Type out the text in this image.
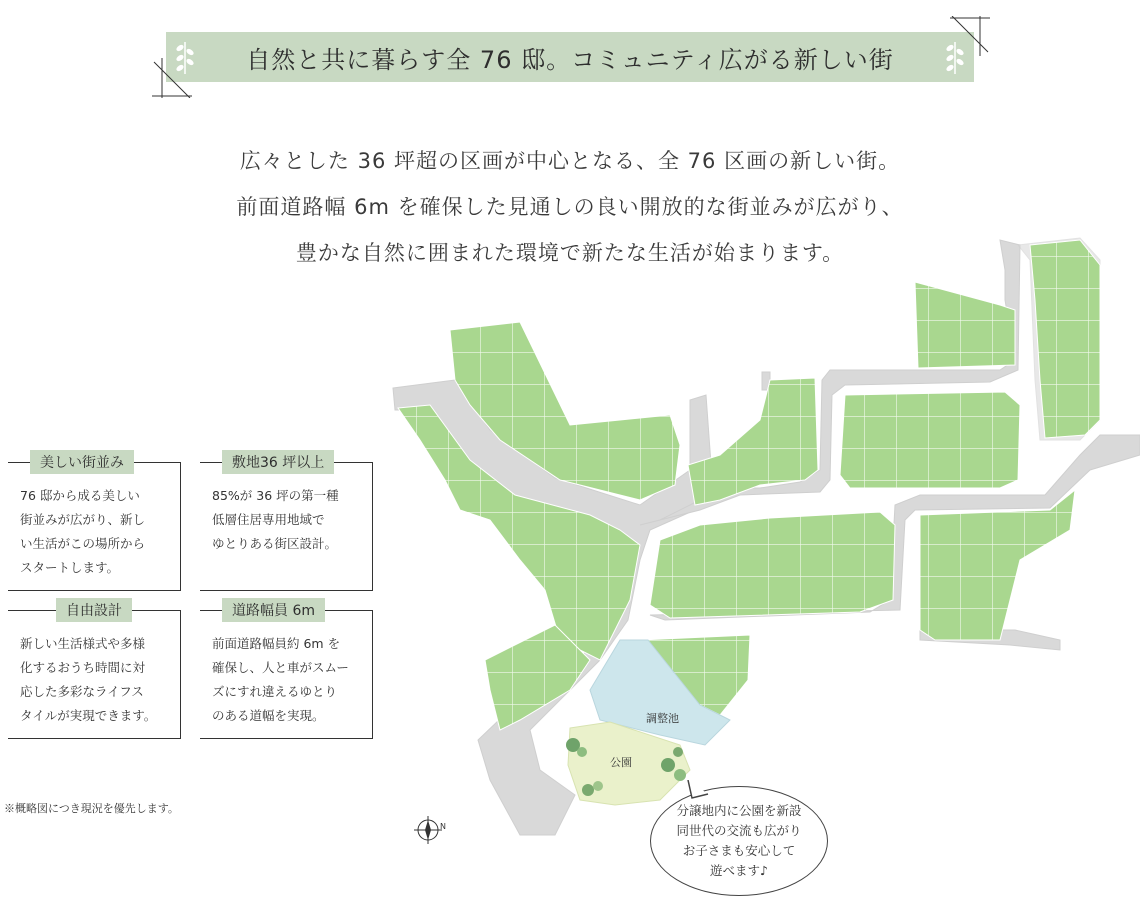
N
調整池
公園
自然と共に暮らす全 76 邸。コミュニティ広がる新しい街
広々とした 36 坪超の区画が中心となる、全 76 区画の新しい街。
前面道路幅 6m を確保した見通しの良い開放的な街並みが広がり、
豊かな自然に囲まれた環境で新たな生活が始まります。
美しい街並み
76 邸から成る美しい
街並みが広がり、新し
い生活がこの場所から
スタートします。
敷地36 坪以上
85%が 36 坪の第一種
低層住居専用地域で
ゆとりある街区設計。
自由設計
新しい生活様式や多様
化するおうち時間に対
応した多彩なライフス
タイルが実現できます。
道路幅員 6m
前面道路幅員約 6m を
確保し、人と車がスムー
ズにすれ違えるゆとり
のある道幅を実現。
※概略図につき現況を優先します。	分譲地内に公園を新設
同世代の交流も広がり
お子さまも安心して
遊べます♪
